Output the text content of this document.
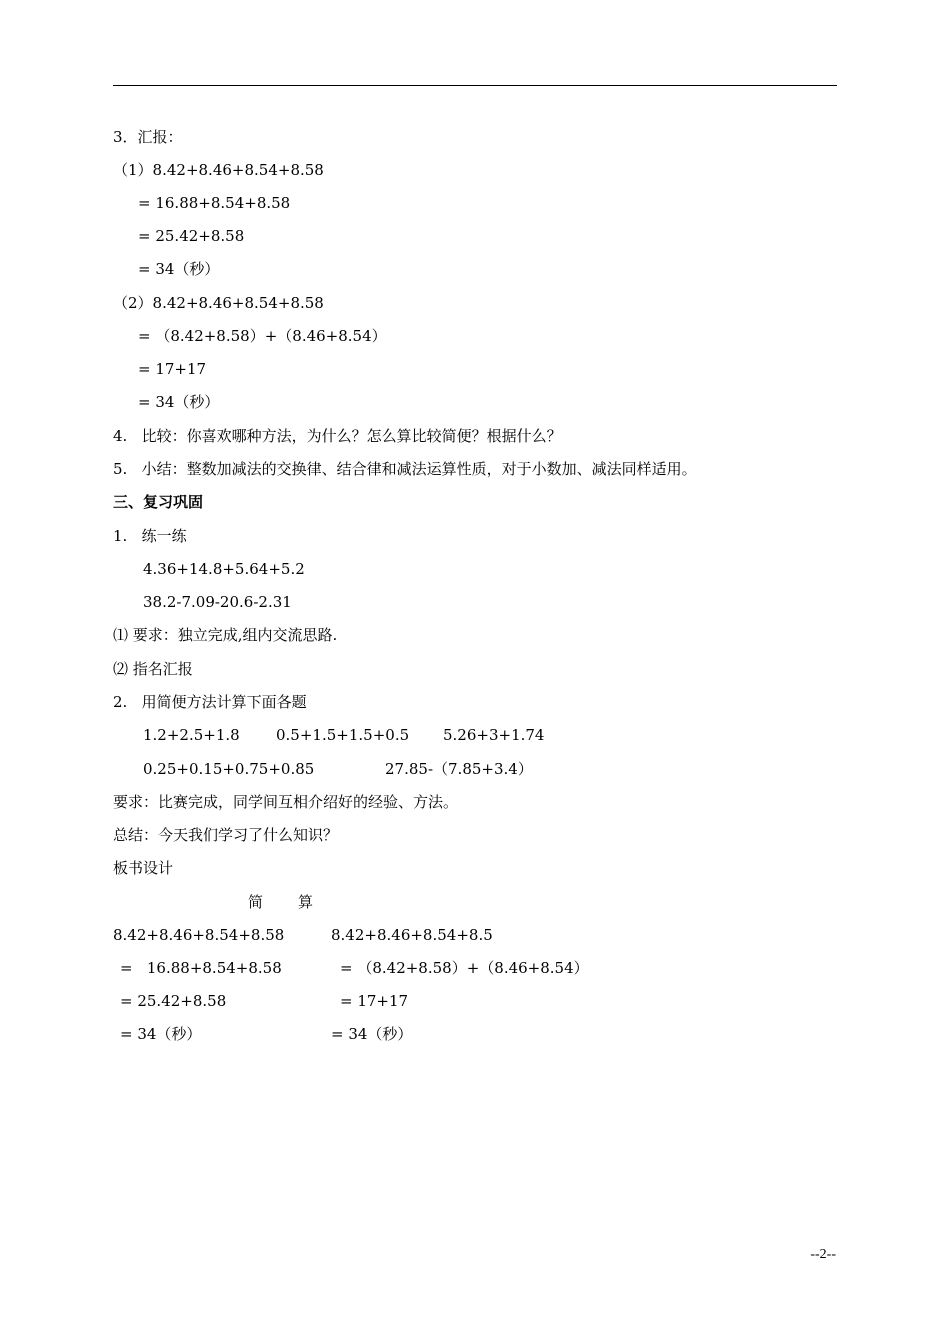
3．汇报：
（1）8.42+8.46+8.54+8.58
= 16.88+8.54+8.58
= 25.42+8.58
= 34（秒）
（2）8.42+8.46+8.54+8.58
= （8.42+8.58）+（8.46+8.54）
= 17+17
= 34（秒）
4.   比较：你喜欢哪种方法，为什么？怎么算比较简便？根据什么？
5.   小结：整数加减法的交换律、结合律和减法运算性质，对于小数加、减法同样适用。
三、复习巩固
1.   练一练
4.36+14.8+5.64+5.2
38.2-7.09-20.6-2.31
⑴ 要求：独立完成,组内交流思路.
⑵ 指名汇报
2.   用简便方法计算下面各题
1.2+2.5+1.8 0.5+1.5+1.5+0.5 5.26+3+1.74
0.25+0.15+0.75+0.85	27.85-（7.85+3.4）
要求：比赛完成，同学间互相介绍好的经验、方法。
总结：今天我们学习了什么知识？
板书设计
简 算
8.42+8.46+8.54+8.58
=   16.88+8.54+8.58
= 25.42+8.58
= 34（秒）
8.42+8.46+8.54+8.5
= （8.42+8.58）+（8.46+8.54）
= 17+17
= 34（秒）
--2--
